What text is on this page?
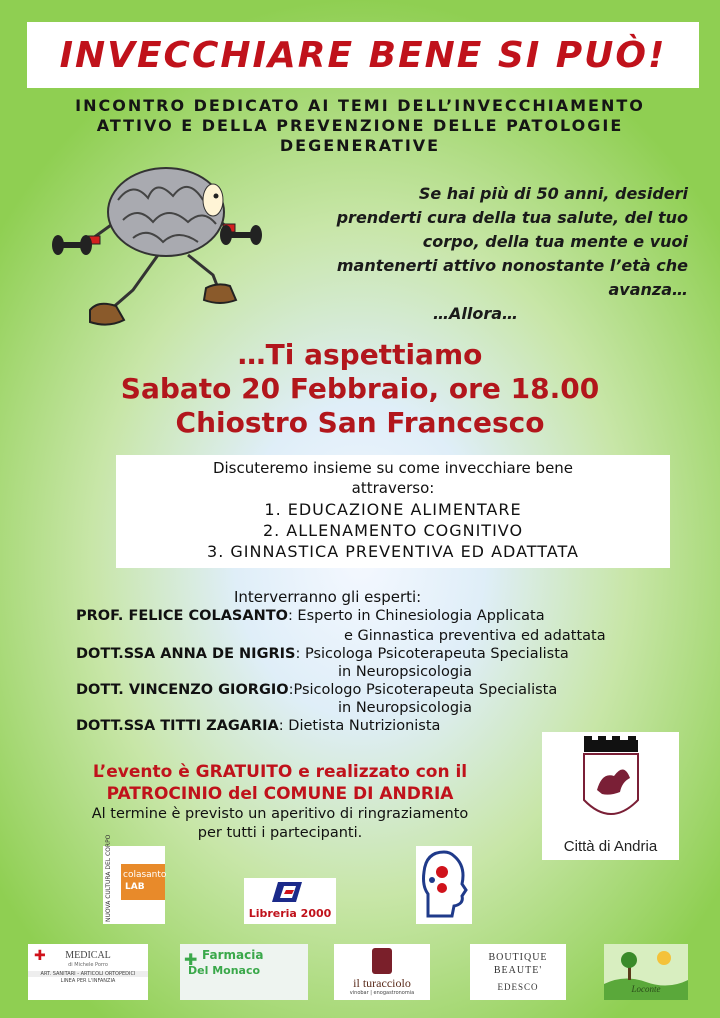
INVECCHIARE BENE SI PUÒ!
INCONTRO DEDICATO AI TEMI DELL’INVECCHIAMENTO
ATTIVO E DELLA PREVENZIONE DELLE PATOLOGIE
DEGENERATIVE
Se hai più di 50 anni, desideri
prenderti cura della tua salute, del tuo
corpo, della tua mente e vuoi
mantenerti attivo nonostante l’età che
avanza…
…Allora…
…Ti aspettiamo
Sabato 20 Febbraio, ore 18.00
Chiostro San Francesco
Discuteremo insieme su come invecchiare bene
attraverso:
1. EDUCAZIONE ALIMENTARE
2. ALLENAMENTO COGNITIVO
3. GINNASTICA PREVENTIVA ED ADATTATA
Interverranno gli esperti:
PROF. FELICE COLASANTO: Esperto in Chinesiologia Applicata
e Ginnastica preventiva ed adattata
DOTT.SSA ANNA DE NIGRIS: Psicologa Psicoterapeuta Specialista
in Neuropsicologia
DOTT. VINCENZO GIORGIO:Psicologo Psicoterapeuta Specialista
in Neuropsicologia
DOTT.SSA TITTI ZAGARIA: Dietista Nutrizionista
L’evento è GRATUITO e realizzato con il
PATROCINIO del COMUNE DI ANDRIA
Al termine è previsto un aperitivo di ringraziamento
per tutti i partecipanti.
Città di Andria
NUOVA CULTURA DEL CORPO	colasanto
LAB
Libreria 2000
✚	MEDICAL
di Michele Porro
ART. SANITARI - ARTICOLI ORTOPEDICI
LINEA PER L'INFANZIA
✚ Farmacia
Del Monaco
il turacciolo
vinobar | enogastronomia
BOUTIQUE
BEAUTE'
EDESCO	Loconte
